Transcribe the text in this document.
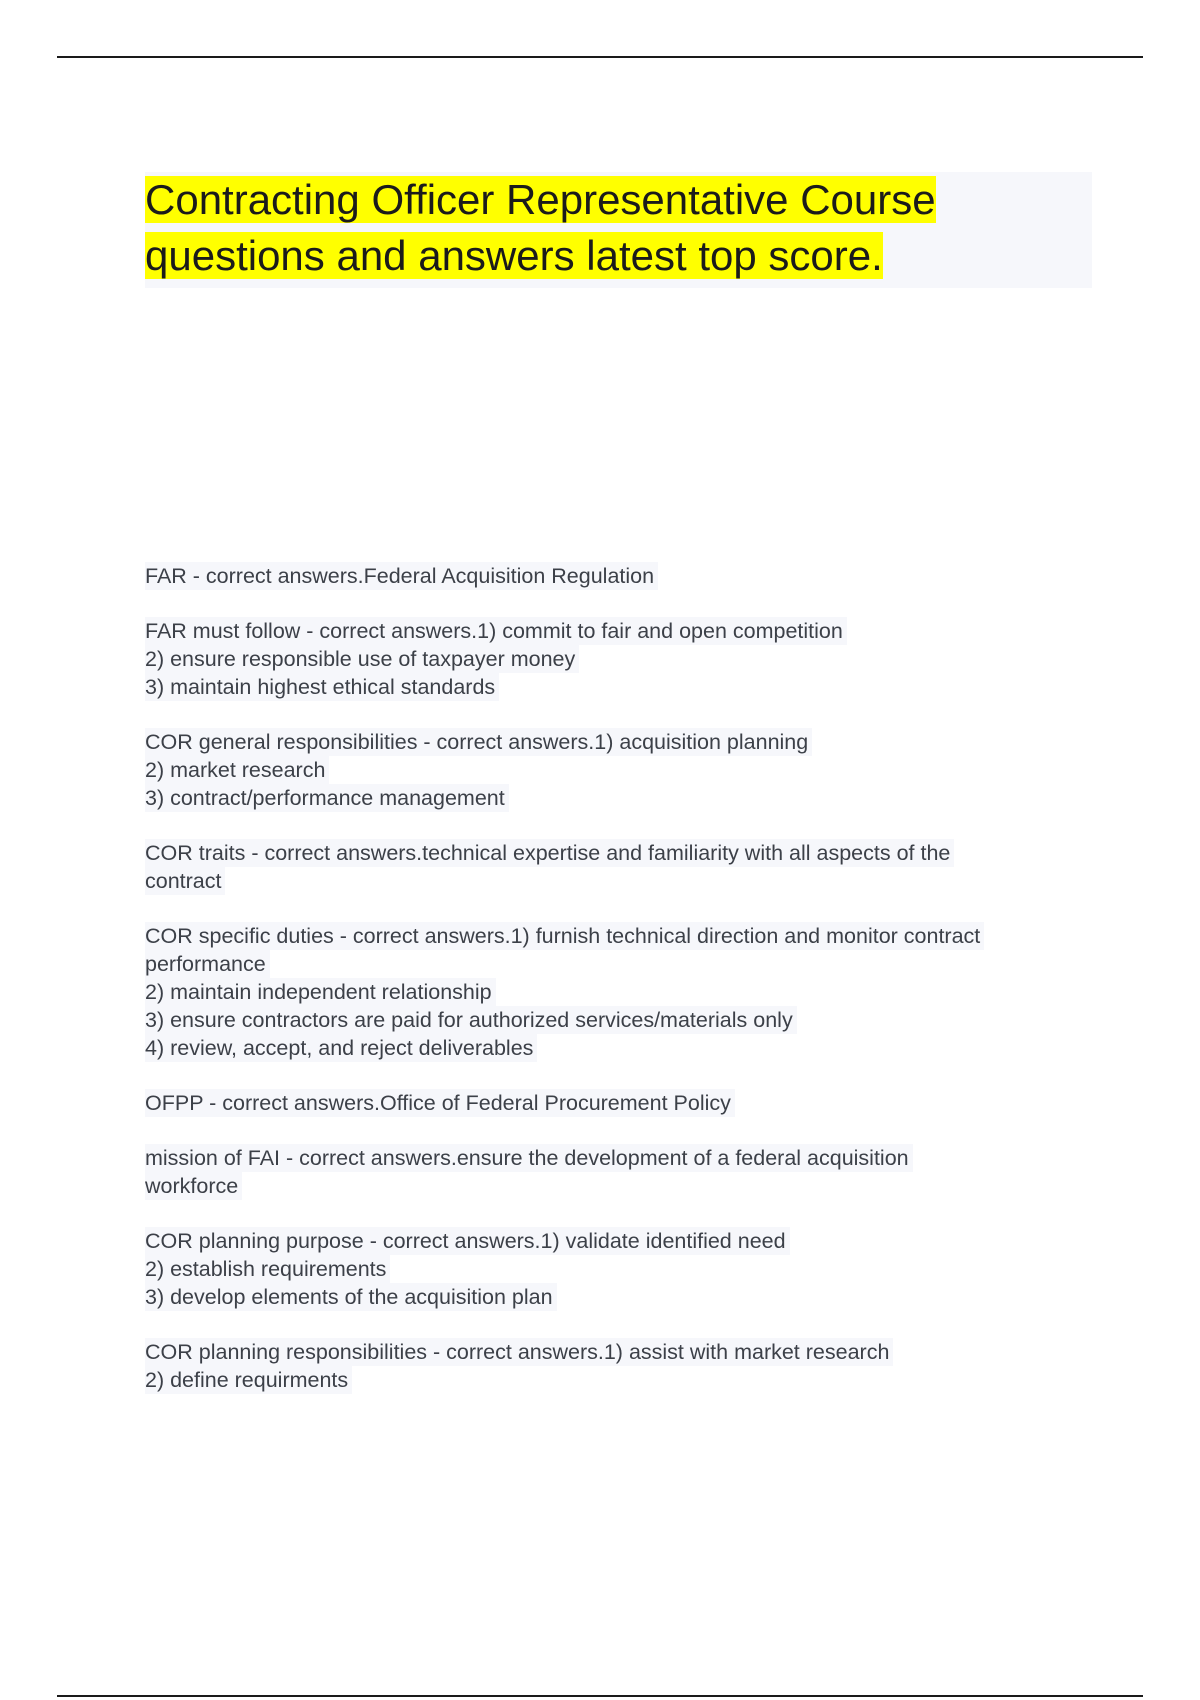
Contracting Officer Representative Course
questions and answers latest top score.
FAR - correct answers.Federal Acquisition Regulation
FAR must follow - correct answers.1) commit to fair and open competition
2) ensure responsible use of taxpayer money
3) maintain highest ethical standards
COR general responsibilities - correct answers.1) acquisition planning
2) market research
3) contract/performance management
COR traits - correct answers.technical expertise and familiarity with all aspects of the
contract
COR specific duties - correct answers.1) furnish technical direction and monitor contract
performance
2) maintain independent relationship
3) ensure contractors are paid for authorized services/materials only
4) review, accept, and reject deliverables
OFPP - correct answers.Office of Federal Procurement Policy
mission of FAI - correct answers.ensure the development of a federal acquisition
workforce
COR planning purpose - correct answers.1) validate identified need
2) establish requirements
3) develop elements of the acquisition plan
COR planning responsibilities - correct answers.1) assist with market research
2) define requirments
